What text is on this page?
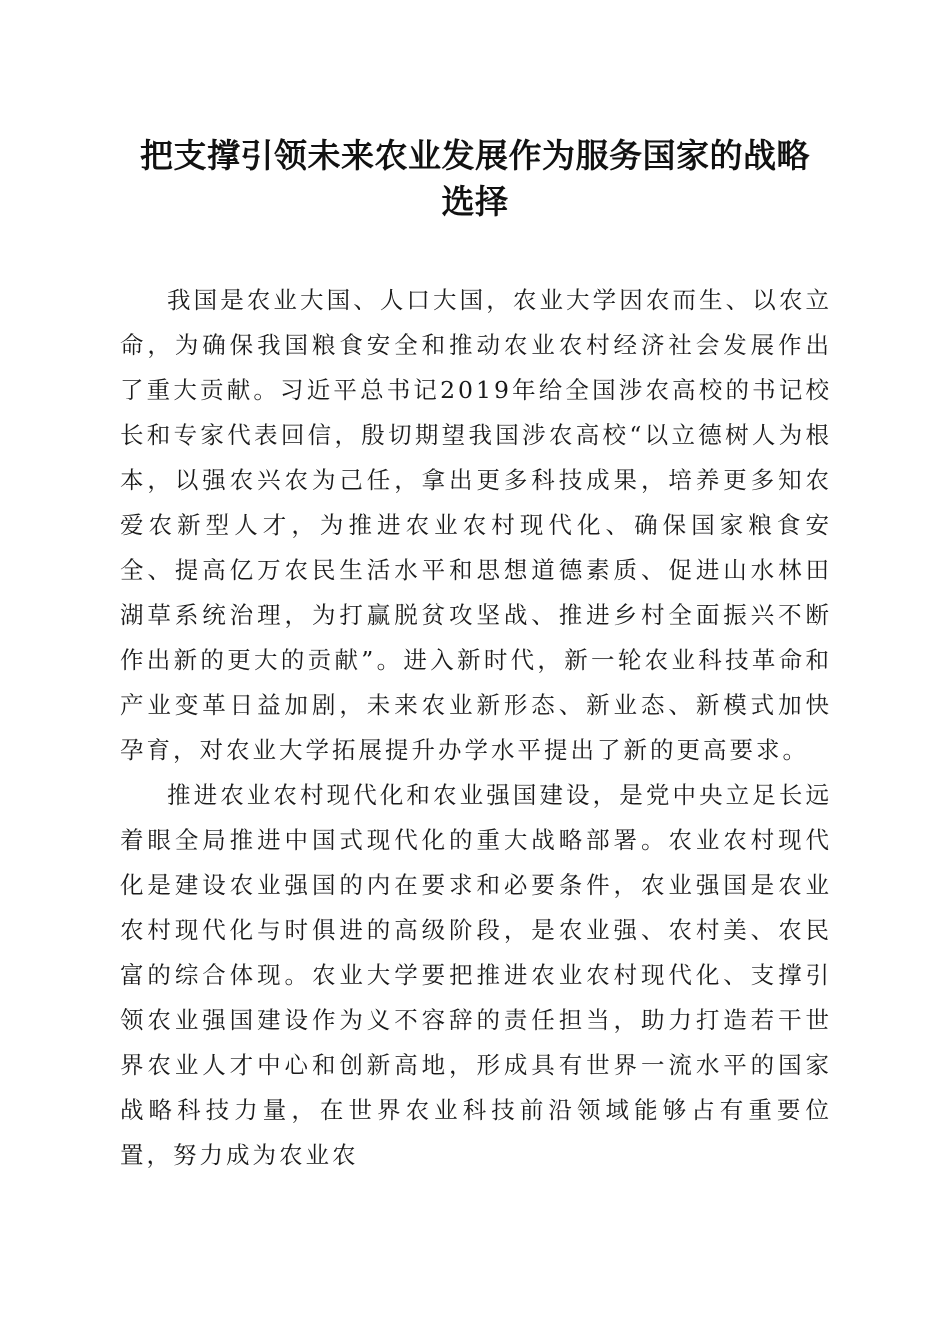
把支撑引领未来农业发展作为服务国家的战略
选择

我国是农业大国、人口大国，农业大学因农而生、以农立命，为确保我国粮食安全和推动农业农村经济社会发展作出了重大贡献。习近平总书记2019年给全国涉农高校的书记校长和专家代表回信，殷切期望我国涉农高校“以立德树人为根本，以强农兴农为己任，拿出更多科技成果，培养更多知农爱农新型人才，为推进农业农村现代化、确保国家粮食安全、提高亿万农民生活水平和思想道德素质、促进山水林田湖草系统治理，为打赢脱贫攻坚战、推进乡村全面振兴不断作出新的更大的贡献”。进入新时代，新一轮农业科技革命和产业变革日益加剧，未来农业新形态、新业态、新模式加快孕育，对农业大学拓展提升办学水平提出了新的更高要求。

推进农业农村现代化和农业强国建设，是党中央立足长远着眼全局推进中国式现代化的重大战略部署。农业农村现代化是建设农业强国的内在要求和必要条件，农业强国是农业农村现代化与时俱进的高级阶段，是农业强、农村美、农民富的综合体现。农业大学要把推进农业农村现代化、支撑引领农业强国建设作为义不容辞的责任担当，助力打造若干世界农业人才中心和创新高地，形成具有世界一流水平的国家战略科技力量，在世界农业科技前沿领域能够占有重要位置，努力成为农业农
